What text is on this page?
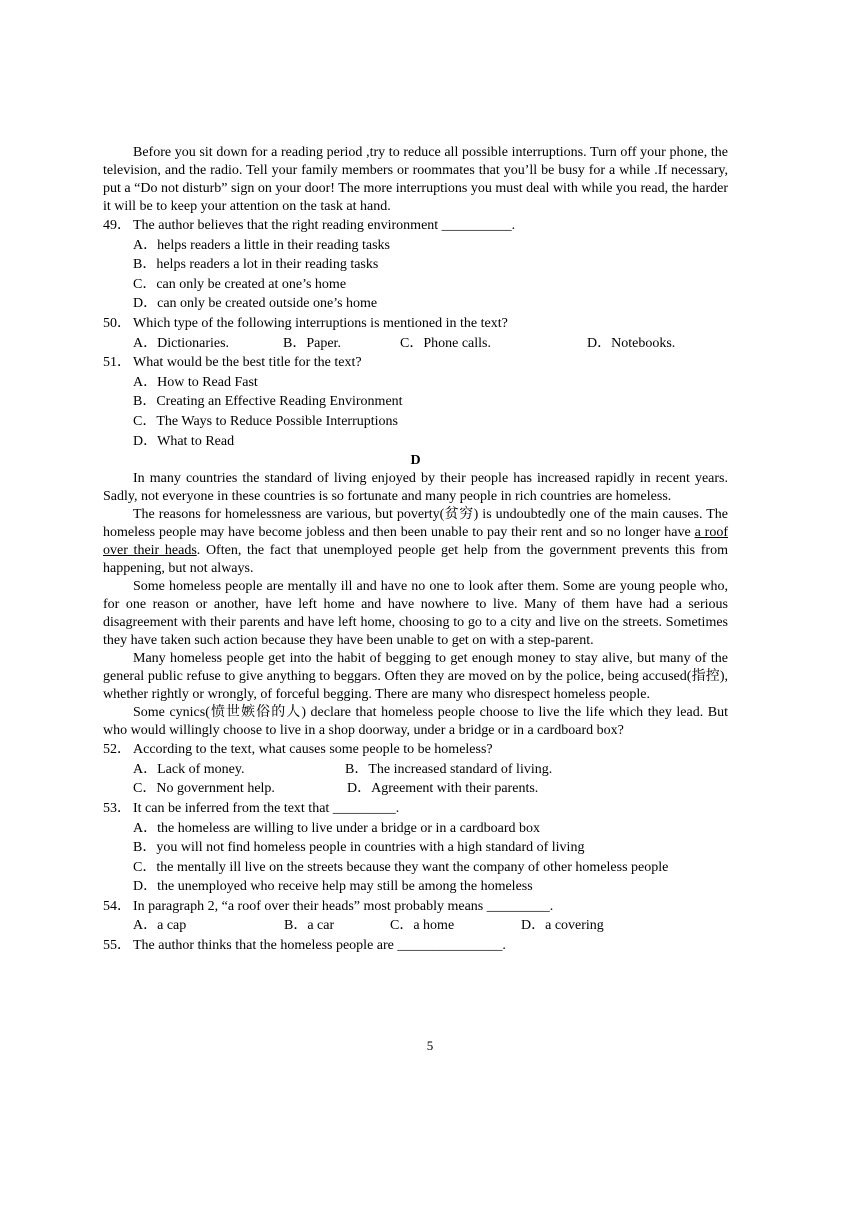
Before you sit down for a reading period ,try to reduce all possible interruptions. Turn off your phone, the television, and the radio. Tell your family members or roommates that you’ll be busy for a while .If necessary, put a “Do not disturb” sign on your door! The more interruptions you must deal with while you read, the harder it will be to keep your attention on the task at hand.

49． The author believes that the right reading environment __________.

A．helps readers a little in their reading tasks

B．helps readers a lot in their reading tasks

C．can only be created at one’s home

D．can only be created outside one’s home

50． Which type of the following interruptions is mentioned in the text?

A．Dictionaries.	B．Paper.	C．Phone calls.	D．Notebooks.

51． What would be the best title for the text?

A．How to Read Fast

B．Creating an Effective Reading Environment

C．The Ways to Reduce Possible Interruptions

D．What to Read

D

In many countries the standard of living enjoyed by their people has increased rapidly in recent years. Sadly, not everyone in these countries is so fortunate and many people in rich countries are homeless.

The reasons for homelessness are various, but poverty(贫穷) is undoubtedly one of the main causes. The homeless people may have become jobless and then been unable to pay their rent and so no longer have a roof over their heads. Often, the fact that unemployed people get help from the government prevents this from happening, but not always.

Some homeless people are mentally ill and have no one to look after them. Some are young people who, for one reason or another, have left home and have nowhere to live. Many of them have had a serious disagreement with their parents and have left home, choosing to go to a city and live on the streets. Sometimes they have taken such action because they have been unable to get on with a step-parent.

Many homeless people get into the habit of begging to get enough money to stay alive, but many of the general public refuse to give anything to beggars. Often they are moved on by the police, being accused(指控), whether rightly or wrongly, of forceful begging. There are many who disrespect homeless people.

Some cynics(愤世嫉俗的人) declare that homeless people choose to live the life which they lead. But who would willingly choose to live in a shop doorway, under a bridge or in a cardboard box?

52． According to the text, what causes some people to be homeless?

A．Lack of money.	B．The increased standard of living.

C．No government help.	D．Agreement with their parents.

53． It can be inferred from the text that _________.

A．the homeless are willing to live under a bridge or in a cardboard box

B．you will not find homeless people in countries with a high standard of living

C．the mentally ill live on the streets because they want the company of other homeless people

D．the unemployed who receive help may still be among the homeless

54． In paragraph 2, “a roof over their heads” most probably means _________.

A．a cap	B．a car	C．a home	D．a covering

55． The author thinks that the homeless people are _______________.

5
